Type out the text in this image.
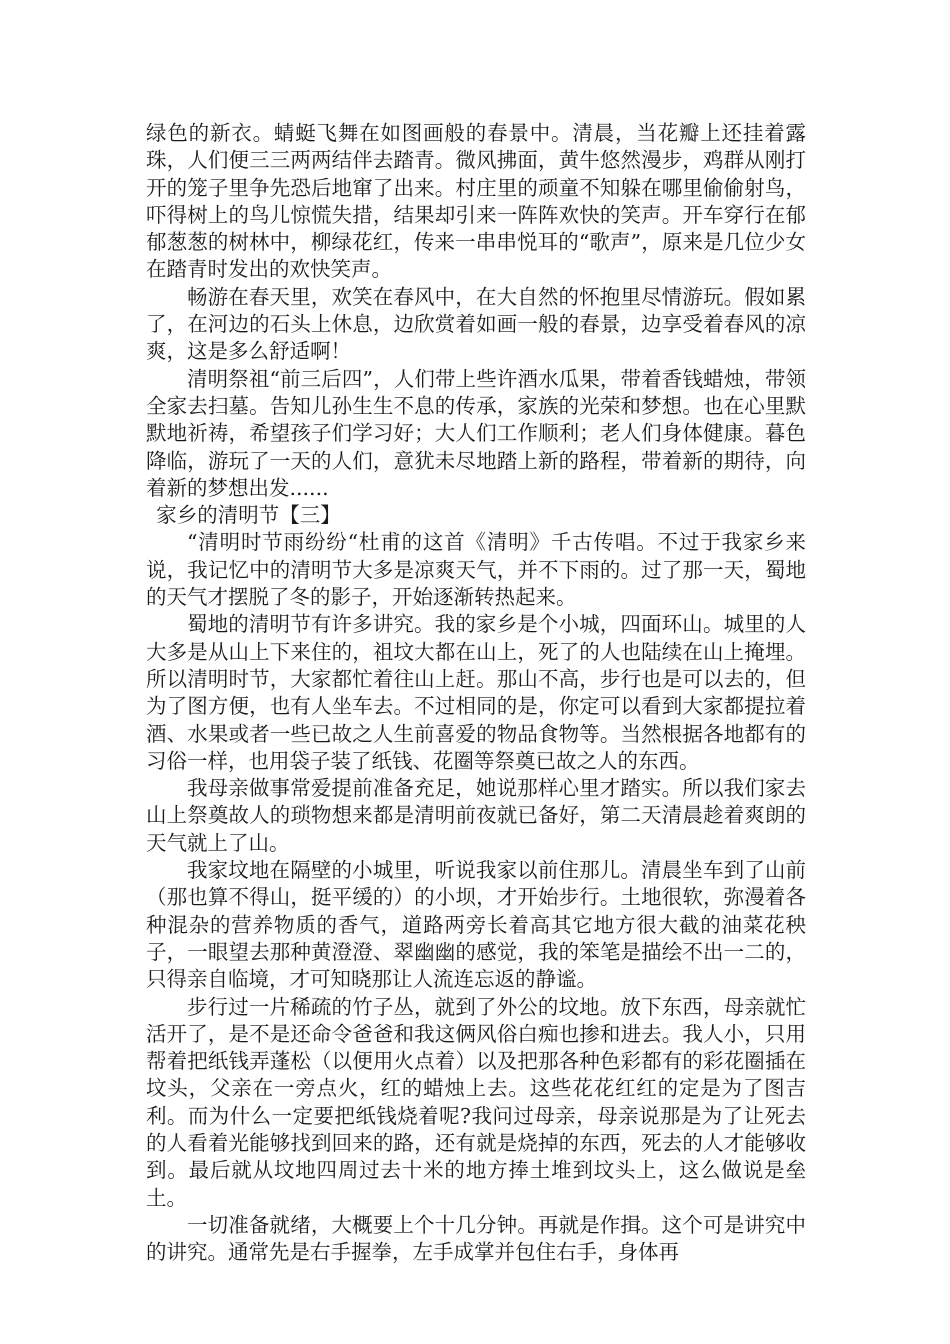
绿色的新衣。蜻蜓飞舞在如图画般的春景中。清晨，当花瓣上还挂着露珠，人们便三三两两结伴去踏青。微风拂面，黄牛悠然漫步，鸡群从刚打开的笼子里争先恐后地窜了出来。村庄里的顽童不知躲在哪里偷偷射鸟，吓得树上的鸟儿惊慌失措，结果却引来一阵阵欢快的笑声。开车穿行在郁郁葱葱的树林中，柳绿花红，传来一串串悦耳的“歌声”，原来是几位少女在踏青时发出的欢快笑声。

畅游在春天里，欢笑在春风中，在大自然的怀抱里尽情游玩。假如累了，在河边的石头上休息，边欣赏着如画一般的春景，边享受着春风的凉爽，这是多么舒适啊！

清明祭祖“前三后四”，人们带上些许酒水瓜果，带着香钱蜡烛，带领全家去扫墓。告知儿孙生生不息的传承，家族的光荣和梦想。也在心里默默地祈祷，希望孩子们学习好；大人们工作顺利；老人们身体健康。暮色降临，游玩了一天的人们，意犹未尽地踏上新的路程，带着新的期待，向着新的梦想出发......

家乡的清明节【三】

“清明时节雨纷纷“杜甫的这首《清明》千古传唱。不过于我家乡来说，我记忆中的清明节大多是凉爽天气，并不下雨的。过了那一天，蜀地的天气才摆脱了冬的影子，开始逐渐转热起来。

蜀地的清明节有许多讲究。我的家乡是个小城，四面环山。城里的人大多是从山上下来住的，祖坟大都在山上，死了的人也陆续在山上掩埋。所以清明时节，大家都忙着往山上赶。那山不高，步行也是可以去的，但为了图方便，也有人坐车去。不过相同的是，你定可以看到大家都提拉着酒、水果或者一些已故之人生前喜爱的物品食物等。当然根据各地都有的习俗一样，也用袋子装了纸钱、花圈等祭奠已故之人的东西。

我母亲做事常爱提前准备充足，她说那样心里才踏实。所以我们家去山上祭奠故人的琐物想来都是清明前夜就已备好，第二天清晨趁着爽朗的天气就上了山。

我家坟地在隔壁的小城里，听说我家以前住那儿。清晨坐车到了山前（那也算不得山，挺平缓的）的小坝，才开始步行。土地很软，弥漫着各种混杂的营养物质的香气，道路两旁长着高其它地方很大截的油菜花秧子，一眼望去那种黄澄澄、翠幽幽的感觉，我的笨笔是描绘不出一二的，只得亲自临境，才可知晓那让人流连忘返的静谧。

步行过一片稀疏的竹子丛，就到了外公的坟地。放下东西，母亲就忙活开了，是不是还命令爸爸和我这俩风俗白痴也掺和进去。我人小，只用帮着把纸钱弄蓬松（以便用火点着）以及把那各种色彩都有的彩花圈插在坟头，父亲在一旁点火，红的蜡烛上去。这些花花红红的定是为了图吉利。而为什么一定要把纸钱烧着呢?我问过母亲，母亲说那是为了让死去的人看着光能够找到回来的路，还有就是烧掉的东西，死去的人才能够收到。最后就从坟地四周过去十米的地方捧土堆到坟头上，这么做说是垒土。

一切准备就绪，大概要上个十几分钟。再就是作揖。这个可是讲究中的讲究。通常先是右手握拳，左手成掌并包住右手，身体再
